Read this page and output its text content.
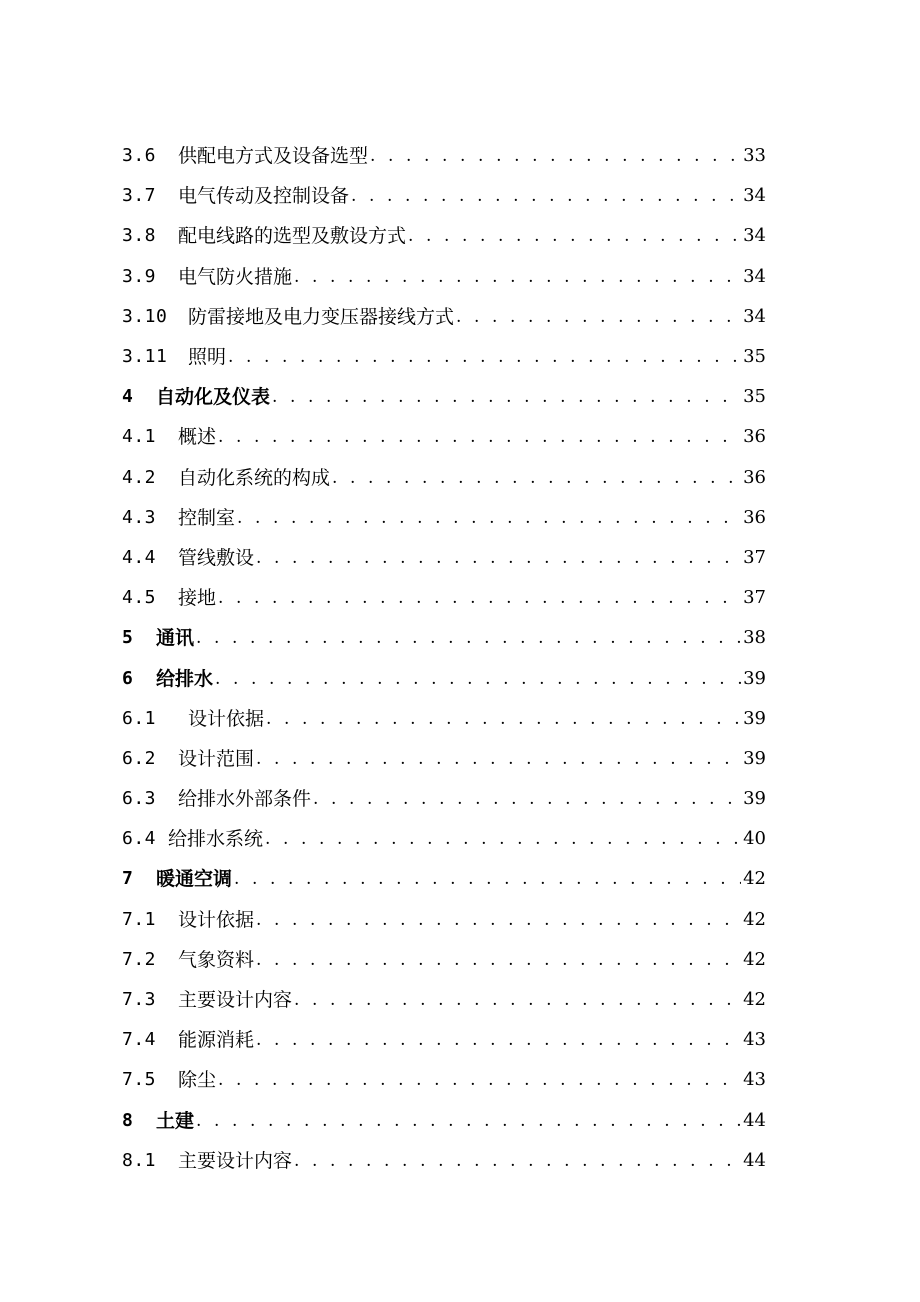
3.6	供配电方式及设备选型 . . .	33
3.7	电气传动及控制设备 . . .	34
3.8	配电线路的选型及敷设方式 . . .	34
3.9	电气防火措施 . . .	34
3.10	防雷接地及电力变压器接线方式 . . .	34
3.11	照明 . . .	35
4	自动化及仪表 . . .	35
4.1	概述 . . .	36
4.2	自动化系统的构成 . . .	36
4.3	控制室 . . .	36
4.4	管线敷设 . . .	37
4.5	接地 . . .	37
5	通讯 . . .	38
6	给排水 . . .	39
6.1	设计依据 . . .	39
6.2	设计范围 . . .	39
6.3	给排水外部条件 . . .	39
6.4 给排水系统 . . .	40
7	暖通空调 . . .	42
7.1	设计依据 . . .	42
7.2	气象资料 . . .	42
7.3	主要设计内容 . . .	42
7.4	能源消耗 . . .	43
7.5	除尘 . . .	43
8	土建 . . .	44
8.1	主要设计内容 . . .	44
